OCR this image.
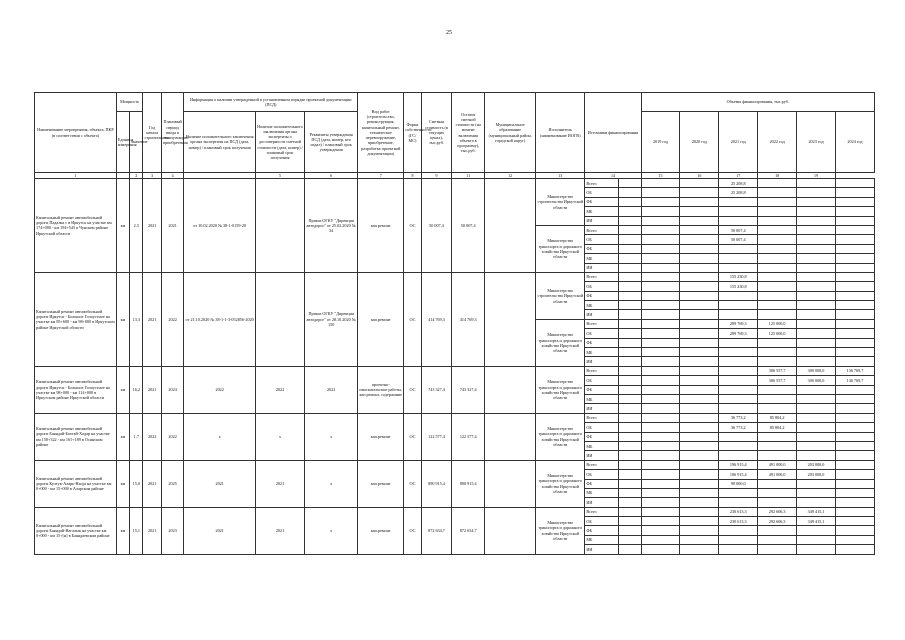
25
Наименование мероприятия, объекта, ПКР (в соответствии с объекта)	Мощность		Год начала строительства	Плановый период ввода в эксплуатацию/приобретения	Информация о наличии утвержденной в установленном порядке проектной документации (ПСД)			Вид работ (строительство, реконструкция, капитальный ремонт, техническое перевооружение, приобретение, разработка проектной документации)	Форма собственности (ГС/ МС)	Сметная стоимость (в текущих ценах), тыс.руб.	Остаток сметной стоимости (на момент включения объекта в программу), тыс.руб.	Муниципальное образование (муниципальный район, городской округ)	Исполнитель (наименование ИОГВ)	Источники финансирования		Объемы финансирования, тыс.руб.					
	Единица измерения	Значение			Наличие положительного заключения органа экспертизы на ПСД (дата, номер) / плановый срок получения	Наличие положительного заключения органа экспертизы о достоверности сметной стоимости (дата, номер) / плановый срок получения	Реквизиты утверждения ПСД (дата, номер, кто издал) / плановый срок утверждения									2019 год	2020 год	2021 год	2022 год	2023 год	2024 год
1		2	3	4		5	6	7	8	9	11	12	13	14		15	16	17	18	19	
Капитальный ремонт автомобильной дороги Падалка с в Иркутск на участке км 174+000 - км 194+545 в Чунском районе Иркутской области	км	2,5	2021	2021	от 10.02.2020 № 38-1-0159-20		Приказ ОГКУ "Дирекция автодорог" от 25.02.2020 № 34	кап.ремонт	ОС	50 007,4	50 007,4		Министерство строительства Иркутской области	Всего				25 208,8			
														ОБ				25 208,8			
														ФБ							
														МБ							
														ИИ							
													Министерство транспорта и дорожного хозяйства Иркутской области	Всего				50 007,4			
														ОБ				50 007,4			
														ФБ							
														МБ							
														ИИ							
Капитальный ремонт автомобильной дороги Иркутск - Большое Голоустное на участке км 85+600 - км 98+000 в Иркутском районе Иркутской области	км	13,3	2021	2022	от 21.10.2020 № 38-1-1-3-052856-2020		Приказ ОГКУ "Дирекция автодорог" от 28.10.2020 № 150	кап.ремонт	ОС	414 769,3	414 769,3		Министерство строительства Иркутской области	Всего				155 230,8			
														ОБ				155 230,8			
														ФБ							
														МБ							
														ИИ							
													Министерство транспорта и дорожного хозяйства Иркутской области	Всего				289 769,3	125 000,0		
														ОБ				289 769,3	125 000,0		
														ФБ							
														МБ							
														ИИ							
Капитальный ремонт автомобильной дороги Иркутск - Большое Голоустное на участке км 98+000 - км 114+000 в Иркутском районе Иркутской области	км	16,2	2021	2024	2022	2022	2022	проектно-изыскательские работы, кап.ремонт, содержание	ОС	743 327,4	743 327,4		Министерство транспорта и дорожного хозяйства Иркутской области	Всего					306 557,7	300 000,0	136 769,7
														ОБ					306 557,7	300 000,0	136 769,7
														ФБ							
														МБ							
														ИИ							
Капитальный ремонт автомобильной дороги Баяндай-Бахтай-Хадар на участке км 158+322 - км 161+189 в Осинском районе	км	1,7	2022	2022	х	х	х	кап.ремонт	ОС	122 577,4	122 577,4		Министерство транспорта и дорожного хозяйства Иркутской области	Всего				36 773,2	85 804,2		
														ОБ				36 773,2	85 804,2		
														ФБ							
														МБ							
														ИИ							
Капитальный ремонт автомобильной дороги Култук-Аларь-Нагда на участке км 0+000 - км 15+000 в Аларском районе	км	15,0	2021	2025	2021	2021	х	кап.ремонт	ОС	890 915,4	890 915,4		Министерство транспорта и дорожного хозяйства Иркутской области	Всего				196 915,4	491 000,0	203 000,0	
														ОБ				106 915,4	491 000,0	203 000,0	
														ФБ				90 000,0			
														МБ							
														ИИ							
Капитальный ремонт автомобильной дороги Баяндай-Нагалык на участке км 0+000 - км 15+[н] в Баяндаевском районе	км	15,1	2021	2023	2021	2021	х	кап.ремонт	ОС	872 634,7	872 634,7		Министерство транспорта и дорожного хозяйства Иркутской области	Всего				230 613,3	292 606,3	349 415,1	
														ОБ				230 613,3	292 606,3	349 415,1	
														ФБ							
														МБ							
														ИИ							
